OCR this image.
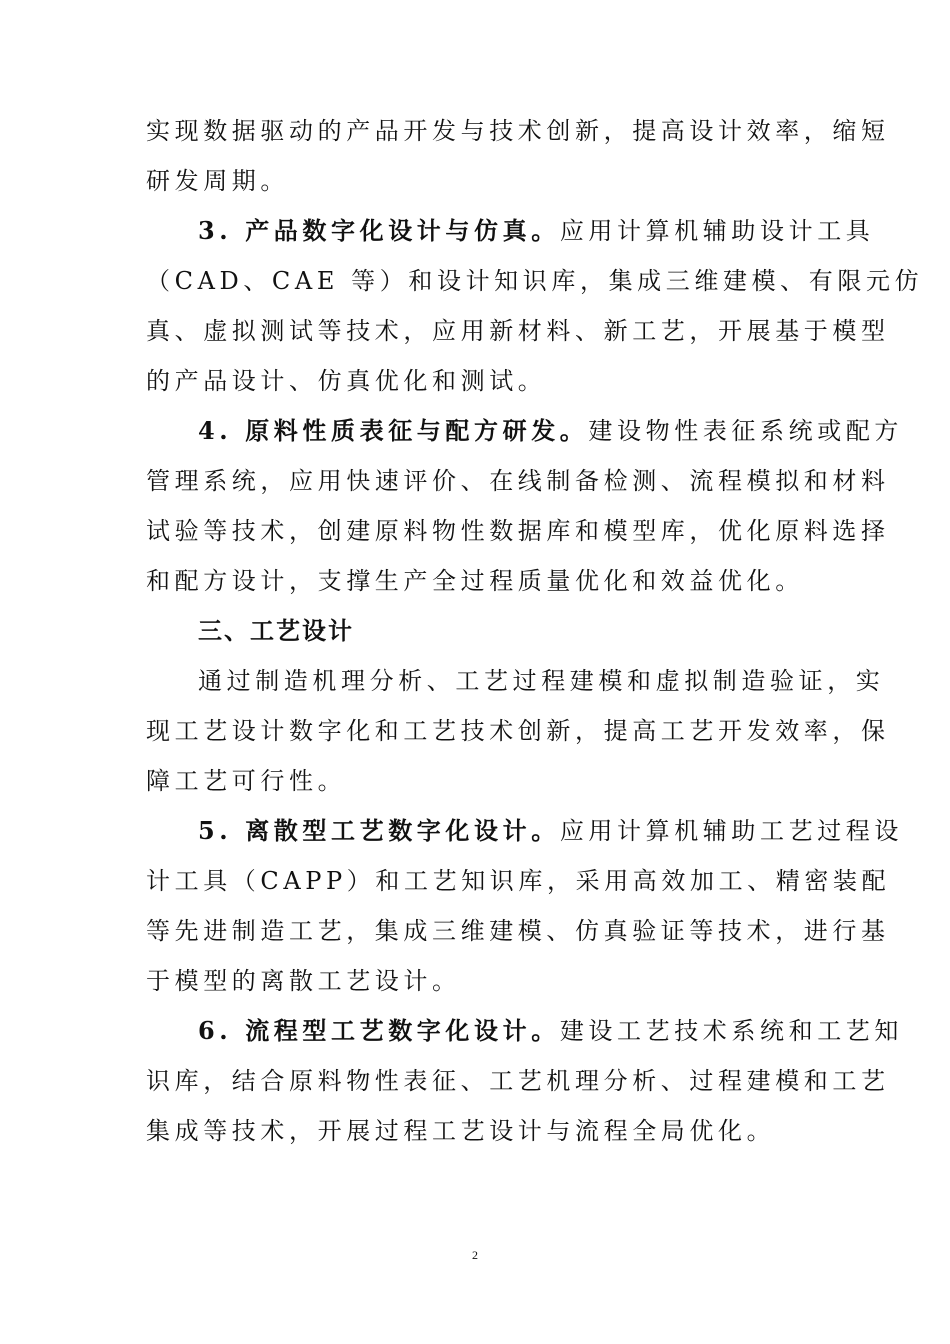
实现数据驱动的产品开发与技术创新，提高设计效率，缩短
研发周期。
3. 产品数字化设计与仿真。应用计算机辅助设计工具
（CAD、CAE 等）和设计知识库，集成三维建模、有限元仿
真、虚拟测试等技术，应用新材料、新工艺，开展基于模型
的产品设计、仿真优化和测试。
4. 原料性质表征与配方研发。建设物性表征系统或配方
管理系统，应用快速评价、在线制备检测、流程模拟和材料
试验等技术，创建原料物性数据库和模型库，优化原料选择
和配方设计，支撑生产全过程质量优化和效益优化。
三、工艺设计
通过制造机理分析、工艺过程建模和虚拟制造验证，实
现工艺设计数字化和工艺技术创新，提高工艺开发效率，保
障工艺可行性。
5. 离散型工艺数字化设计。应用计算机辅助工艺过程设
计工具（CAPP）和工艺知识库，采用高效加工、精密装配
等先进制造工艺，集成三维建模、仿真验证等技术，进行基
于模型的离散工艺设计。
6. 流程型工艺数字化设计。建设工艺技术系统和工艺知
识库，结合原料物性表征、工艺机理分析、过程建模和工艺
集成等技术，开展过程工艺设计与流程全局优化。
2
